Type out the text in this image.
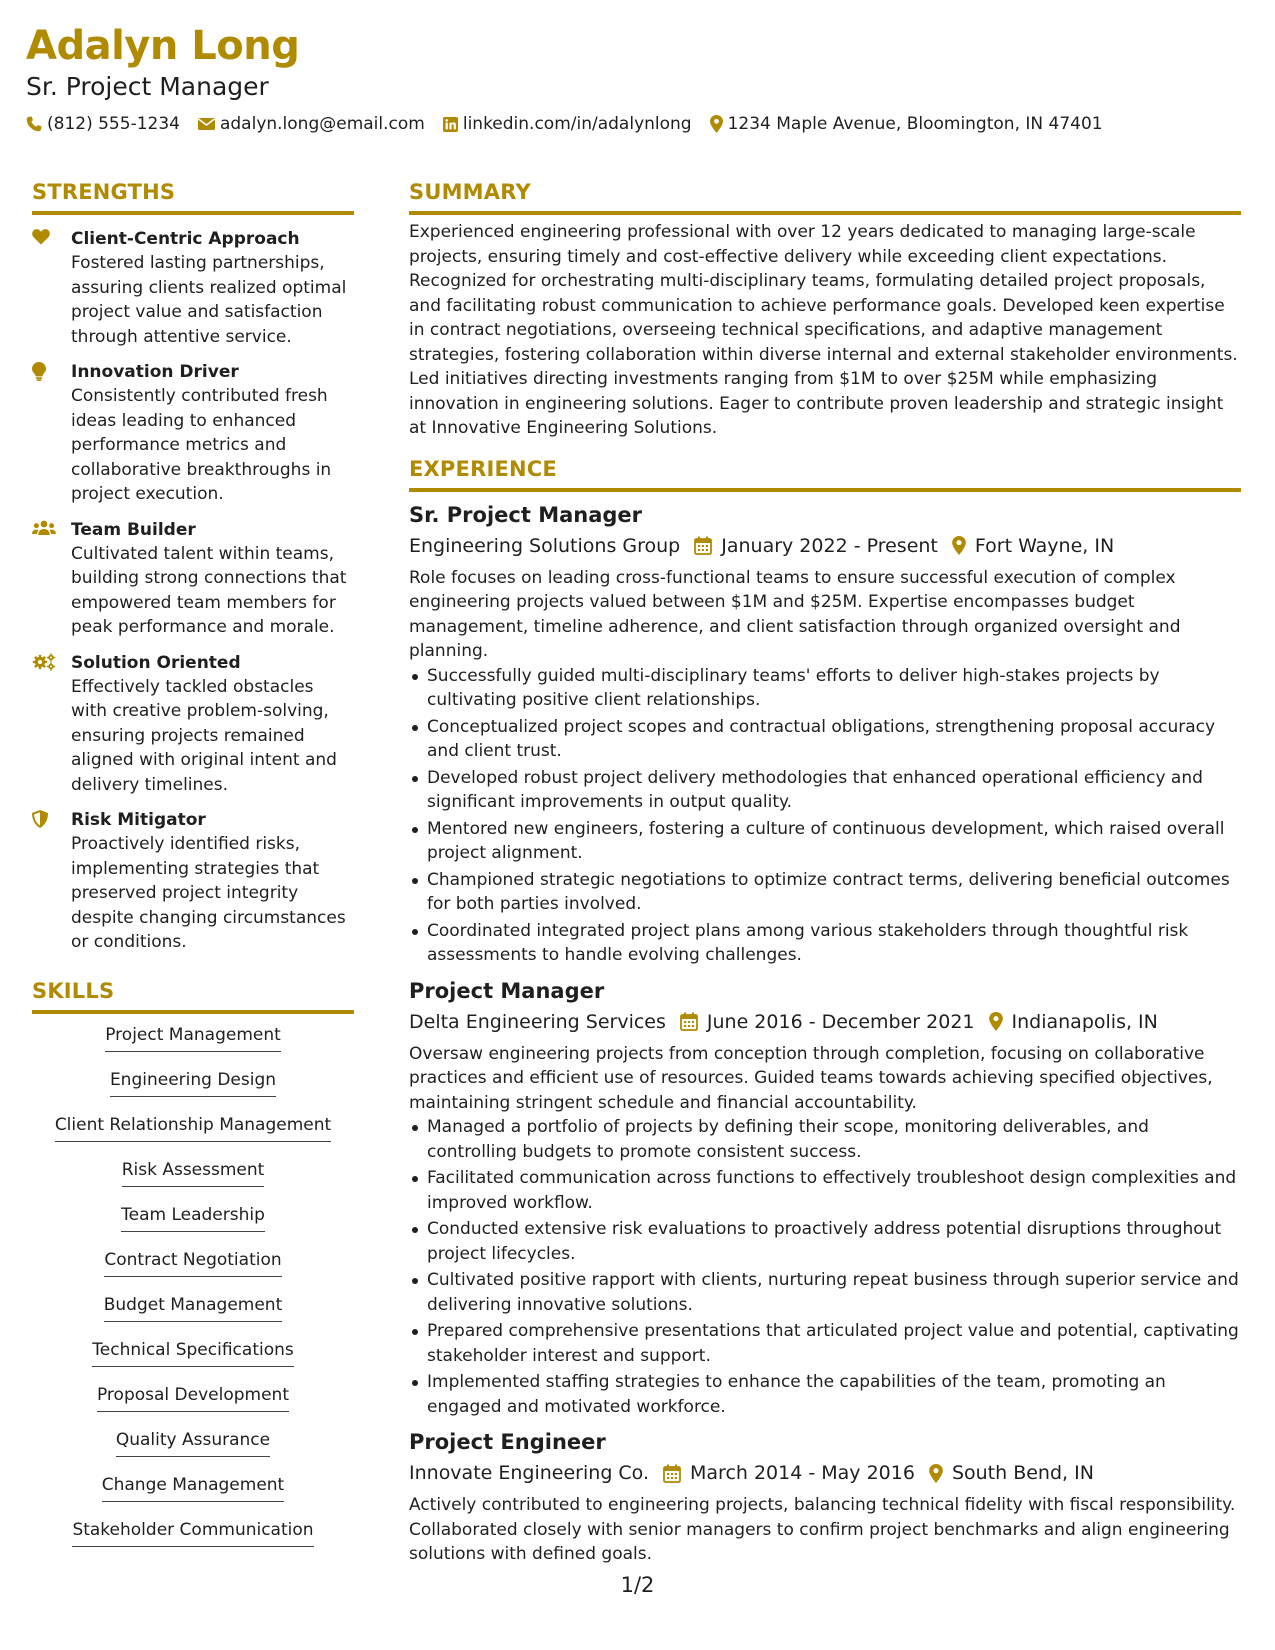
Adalyn Long
Sr. Project Manager
(812) 555-1234 adalyn.long@email.com linkedin.com/in/adalynlong 1234 Maple Avenue, Bloomington, IN 47401
STRENGTHS
Client-Centric Approach
Fostered lasting partnerships, assuring clients realized optimal project value and satisfaction through attentive service.
Innovation Driver
Consistently contributed fresh ideas leading to enhanced performance metrics and collaborative breakthroughs in project execution.
Team Builder
Cultivated talent within teams, building strong connections that empowered team members for peak performance and morale.
Solution Oriented
Effectively tackled obstacles with creative problem-solving, ensuring projects remained aligned with original intent and delivery timelines.
Risk Mitigator
Proactively identified risks, implementing strategies that preserved project integrity despite changing circumstances or conditions.
SKILLS
Project Management
Engineering Design
Client Relationship Management
Risk Assessment
Team Leadership
Contract Negotiation
Budget Management
Technical Specifications
Proposal Development
Quality Assurance
Change Management
Stakeholder Communication
SUMMARY
Experienced engineering professional with over 12 years dedicated to managing large-scale projects, ensuring timely and cost-effective delivery while exceeding client expectations. Recognized for orchestrating multi-disciplinary teams, formulating detailed project proposals, and facilitating robust communication to achieve performance goals. Developed keen expertise in contract negotiations, overseeing technical specifications, and adaptive management strategies, fostering collaboration within diverse internal and external stakeholder environments. Led initiatives directing investments ranging from $1M to over $25M while emphasizing innovation in engineering solutions. Eager to contribute proven leadership and strategic insight at Innovative Engineering Solutions.
EXPERIENCE
Sr. Project Manager
Engineering Solutions Group January 2022 - Present Fort Wayne, IN
Role focuses on leading cross-functional teams to ensure successful execution of complex engineering projects valued between $1M and $25M. Expertise encompasses budget management, timeline adherence, and client satisfaction through organized oversight and planning.
Successfully guided multi-disciplinary teams' efforts to deliver high-stakes projects by cultivating positive client relationships.
Conceptualized project scopes and contractual obligations, strengthening proposal accuracy and client trust.
Developed robust project delivery methodologies that enhanced operational efficiency and significant improvements in output quality.
Mentored new engineers, fostering a culture of continuous development, which raised overall project alignment.
Championed strategic negotiations to optimize contract terms, delivering beneficial outcomes for both parties involved.
Coordinated integrated project plans among various stakeholders through thoughtful risk assessments to handle evolving challenges.
Project Manager
Delta Engineering Services June 2016 - December 2021 Indianapolis, IN
Oversaw engineering projects from conception through completion, focusing on collaborative practices and efficient use of resources. Guided teams towards achieving specified objectives, maintaining stringent schedule and financial accountability.
Managed a portfolio of projects by defining their scope, monitoring deliverables, and controlling budgets to promote consistent success.
Facilitated communication across functions to effectively troubleshoot design complexities and improved workflow.
Conducted extensive risk evaluations to proactively address potential disruptions throughout project lifecycles.
Cultivated positive rapport with clients, nurturing repeat business through superior service and delivering innovative solutions.
Prepared comprehensive presentations that articulated project value and potential, captivating stakeholder interest and support.
Implemented staffing strategies to enhance the capabilities of the team, promoting an engaged and motivated workforce.
Project Engineer
Innovate Engineering Co. March 2014 - May 2016 South Bend, IN
Actively contributed to engineering projects, balancing technical fidelity with fiscal responsibility. Collaborated closely with senior managers to confirm project benchmarks and align engineering solutions with defined goals.
1/2
